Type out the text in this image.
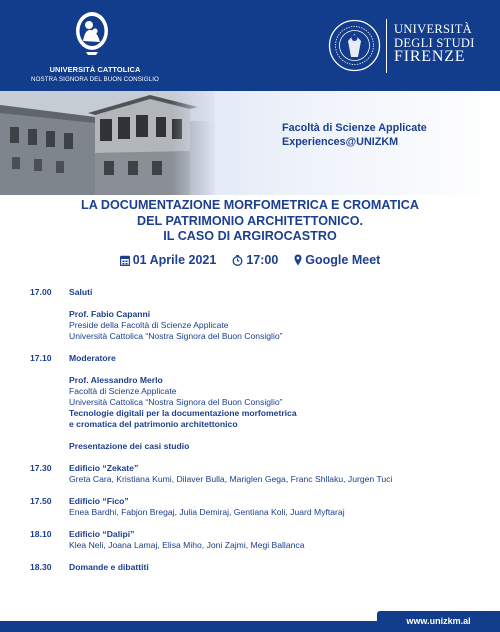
UNIVERSITÀ CATTOLICA
NOSTRA SIGNORA DEL BUON CONSIGLIO
UNIVERSITÀ
DEGLI STUDI
FIRENZE
Facoltà di Scienze Applicate
Experiences@UNIZKM
LA DOCUMENTAZIONE MORFOMETRICA E CROMATICA
DEL PATRIMONIO ARCHITETTONICO.
IL CASO DI ARGIROCASTRO
01 Aprile 2021 17:00 Google Meet
17.00	Saluti
Prof. Fabio Capanni
Preside della Facoltà di Scienze Applicate
Università Cattolica “Nostra Signora del Buon Consiglio”
17.10	Moderatore
Prof. Alessandro Merlo
Facoltà di Scienze Applicate
Università Cattolica “Nostra Signora del Buon Consiglio”
Tecnologie digitali per la documentazione morfometrica
e cromatica del patrimonio architettonico
Presentazione dei casi studio
17.30	Edificio “Zekate”
Greta Cara, Kristiana Kumi, Dilaver Bulla, Mariglen Gega, Franc Shllaku, Jurgen Tuci
17.50	Edificio “Fico”
Enea Bardhi, Fabjon Bregaj, Julia Demiraj, Gentiana Koli, Juard Myftaraj
18.10	Edificio “Dalipi”
Klea Neli, Joana Lamaj, Elisa Miho, Joni Zajmi, Megi Ballanca
18.30	Domande e dibattiti
www.unizkm.al
